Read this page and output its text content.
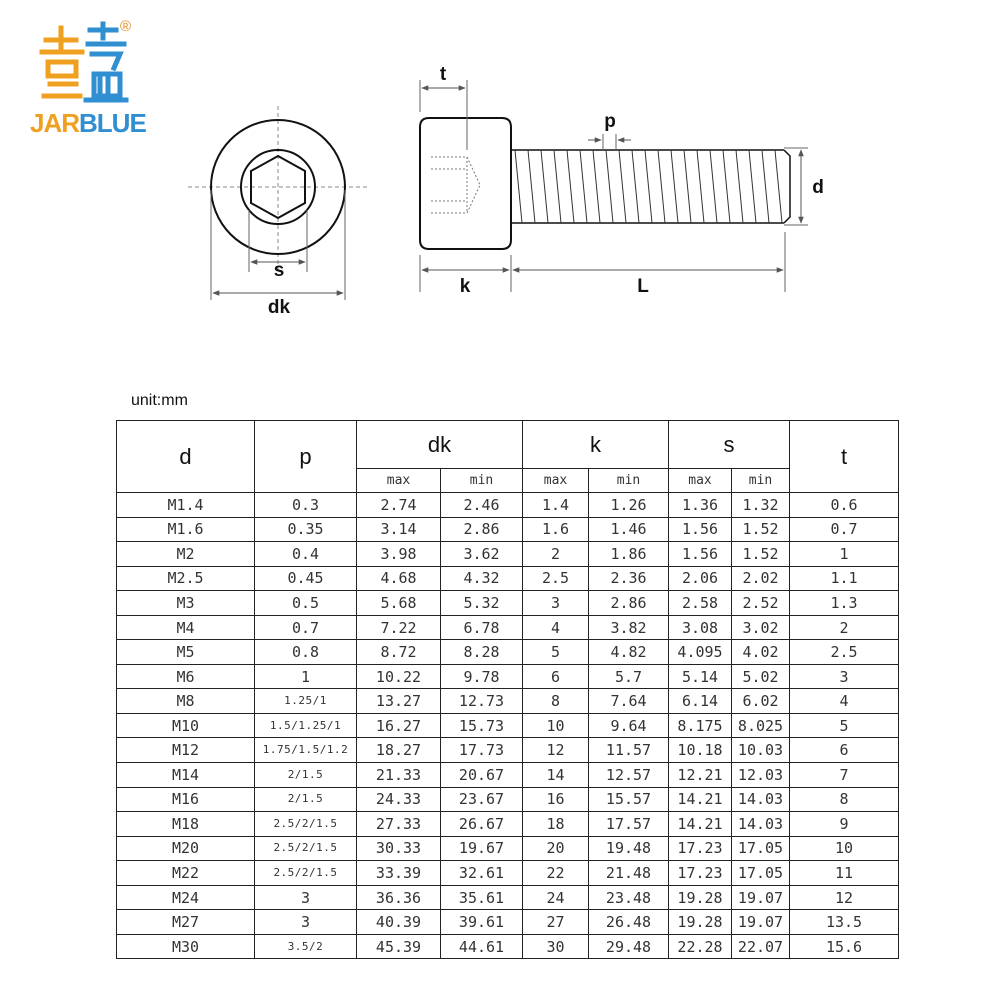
®
JARBLUE
s
dk
t
p
d
k	L
unit:mm
d	p	dk		k		s		t
		max	min	max	min	max	min	
M1.4	0.3	2.74	2.46	1.4	1.26	1.36	1.32	0.6
M1.6	0.35	3.14	2.86	1.6	1.46	1.56	1.52	0.7
M2	0.4	3.98	3.62	2	1.86	1.56	1.52	1
M2.5	0.45	4.68	4.32	2.5	2.36	2.06	2.02	1.1
M3	0.5	5.68	5.32	3	2.86	2.58	2.52	1.3
M4	0.7	7.22	6.78	4	3.82	3.08	3.02	2
M5	0.8	8.72	8.28	5	4.82	4.095	4.02	2.5
M6	1	10.22	9.78	6	5.7	5.14	5.02	3
M8	1.25/1	13.27	12.73	8	7.64	6.14	6.02	4
M10	1.5/1.25/1	16.27	15.73	10	9.64	8.175	8.025	5
M12	1.75/1.5/1.2	18.27	17.73	12	11.57	10.18	10.03	6
M14	2/1.5	21.33	20.67	14	12.57	12.21	12.03	7
M16	2/1.5	24.33	23.67	16	15.57	14.21	14.03	8
M18	2.5/2/1.5	27.33	26.67	18	17.57	14.21	14.03	9
M20	2.5/2/1.5	30.33	19.67	20	19.48	17.23	17.05	10
M22	2.5/2/1.5	33.39	32.61	22	21.48	17.23	17.05	11
M24	3	36.36	35.61	24	23.48	19.28	19.07	12
M27	3	40.39	39.61	27	26.48	19.28	19.07	13.5
M30	3.5/2	45.39	44.61	30	29.48	22.28	22.07	15.6
